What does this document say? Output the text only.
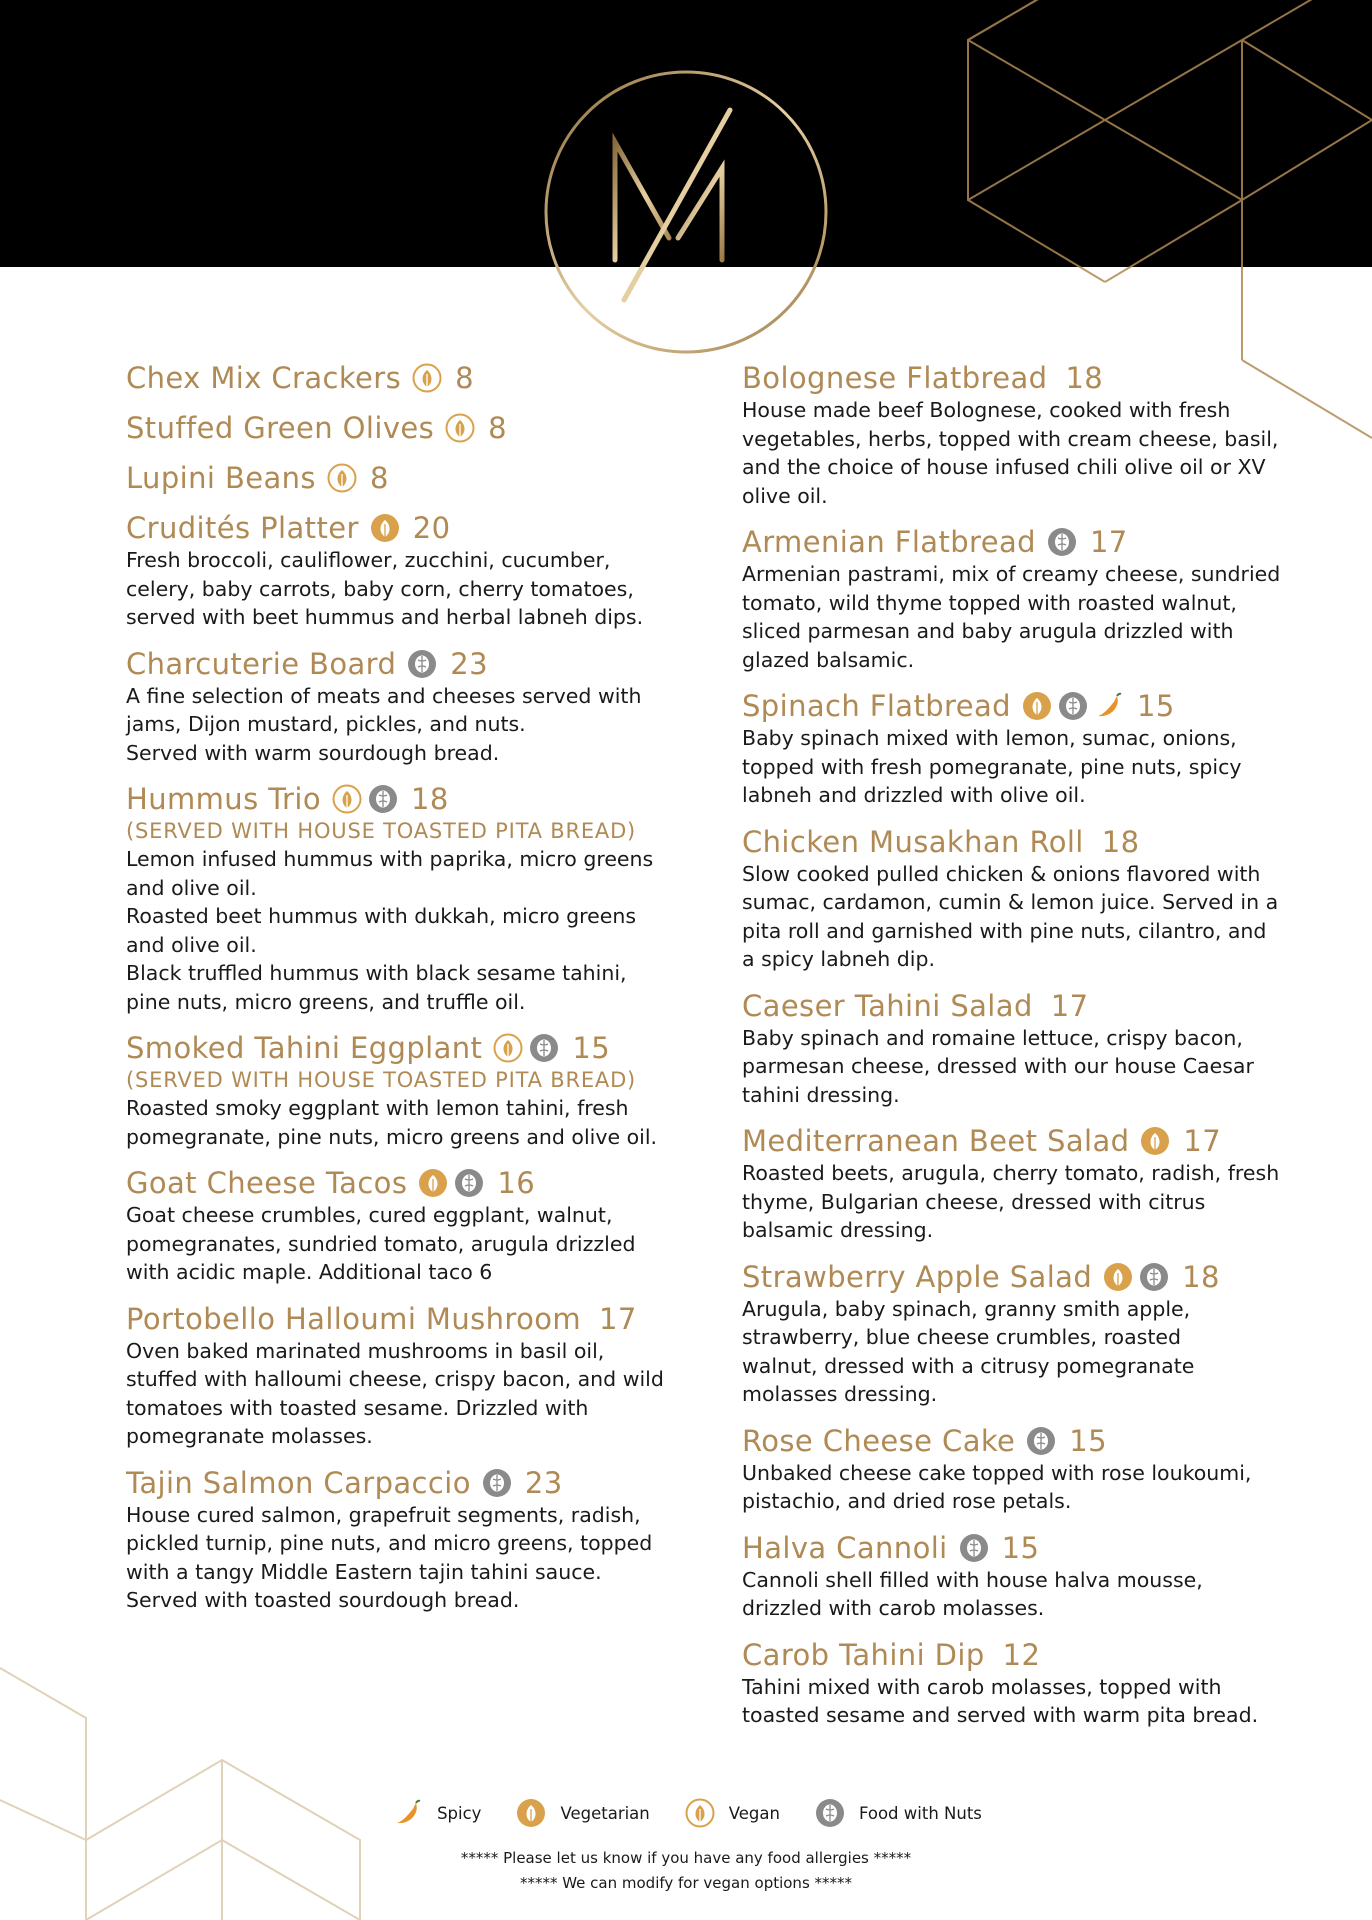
Chex Mix Crackers 8
Stuffed Green Olives 8
Lupini Beans 8
Crudités Platter 20
Fresh broccoli, cauliflower, zucchini, cucumber,
celery, baby carrots, baby corn, cherry tomatoes,
served with beet hummus and herbal labneh dips.
Charcuterie Board 23
A fine selection of meats and cheeses served with
jams, Dijon mustard, pickles, and nuts.
Served with warm sourdough bread.
Hummus Trio	18
(SERVED WITH HOUSE TOASTED PITA BREAD)
Lemon infused hummus with paprika, micro greens
and olive oil.
Roasted beet hummus with dukkah, micro greens
and olive oil.
Black truffled hummus with black sesame tahini,
pine nuts, micro greens, and truffle oil.
Smoked Tahini Eggplant	15
(SERVED WITH HOUSE TOASTED PITA BREAD)
Roasted smoky eggplant with lemon tahini, fresh
pomegranate, pine nuts, micro greens and olive oil.
Goat Cheese Tacos	16
Goat cheese crumbles, cured eggplant, walnut,
pomegranates, sundried tomato, arugula drizzled
with acidic maple. Additional taco 6
Portobello Halloumi Mushroom 17
Oven baked marinated mushrooms in basil oil,
stuffed with halloumi cheese, crispy bacon, and wild
tomatoes with toasted sesame. Drizzled with
pomegranate molasses.
Tajin Salmon Carpaccio 23
House cured salmon, grapefruit segments, radish,
pickled turnip, pine nuts, and micro greens, topped
with a tangy Middle Eastern tajin tahini sauce.
Served with toasted sourdough bread.
Bolognese Flatbread 18
House made beef Bolognese, cooked with fresh
vegetables, herbs, topped with cream cheese, basil,
and the choice of house infused chili olive oil or XV
olive oil.
Armenian Flatbread 17
Armenian pastrami, mix of creamy cheese, sundried
tomato, wild thyme topped with roasted walnut,
sliced parmesan and baby arugula drizzled with
glazed balsamic.
Spinach Flatbread	15
Baby spinach mixed with lemon, sumac, onions,
topped with fresh pomegranate, pine nuts, spicy
labneh and drizzled with olive oil.
Chicken Musakhan Roll 18
Slow cooked pulled chicken & onions flavored with
sumac, cardamon, cumin & lemon juice. Served in a
pita roll and garnished with pine nuts, cilantro, and
a spicy labneh dip.
Caeser Tahini Salad 17
Baby spinach and romaine lettuce, crispy bacon,
parmesan cheese, dressed with our house Caesar
tahini dressing.
Mediterranean Beet Salad 17
Roasted beets, arugula, cherry tomato, radish, fresh
thyme, Bulgarian cheese, dressed with citrus
balsamic dressing.
Strawberry Apple Salad	18
Arugula, baby spinach, granny smith apple,
strawberry, blue cheese crumbles, roasted
walnut, dressed with a citrusy pomegranate
molasses dressing.
Rose Cheese Cake 15
Unbaked cheese cake topped with rose loukoumi,
pistachio, and dried rose petals.
Halva Cannoli 15
Cannoli shell filled with house halva mousse,
drizzled with carob molasses.
Carob Tahini Dip 12
Tahini mixed with carob molasses, topped with
toasted sesame and served with warm pita bread.
Spicy	Vegetarian	Vegan	Food with Nuts
***** Please let us know if you have any food allergies *****
***** We can modify for vegan options *****
